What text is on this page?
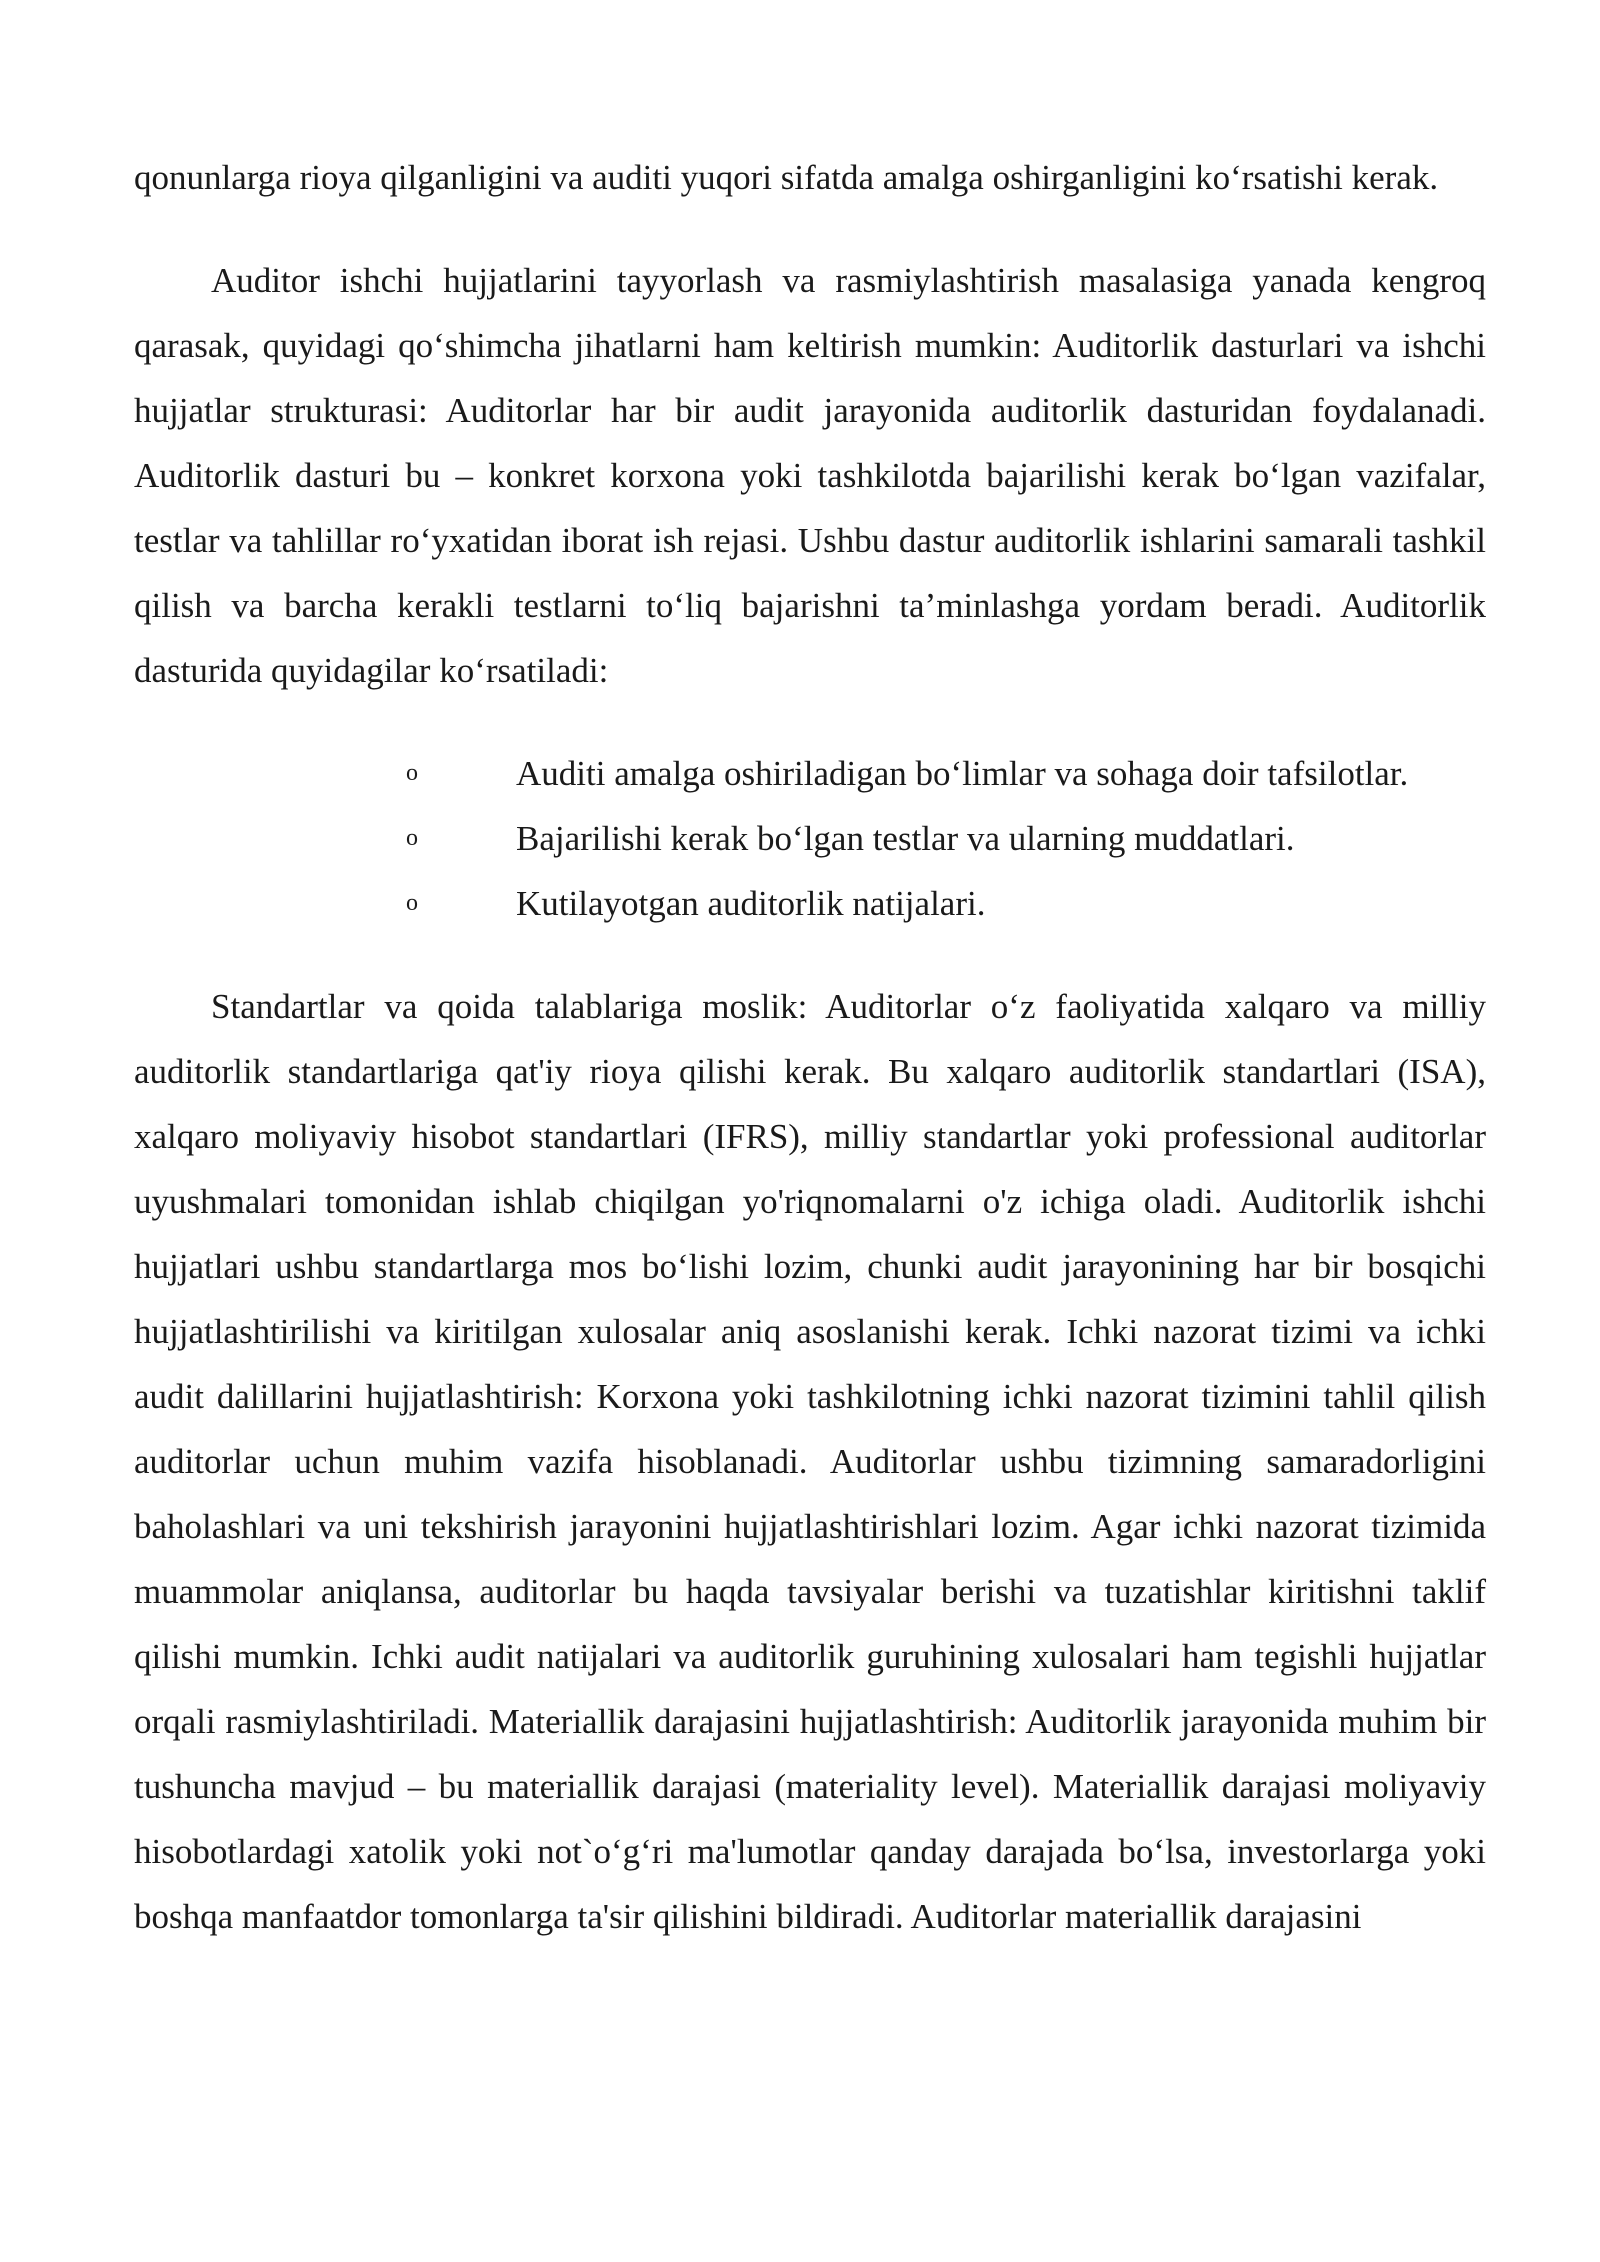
qonunlarga rioya qilganligini va auditi yuqori sifatda amalga oshirganligini ko‘rsatishi kerak.

Auditor ishchi hujjatlarini tayyorlash va rasmiylashtirish masalasiga yanada kengroq qarasak, quyidagi qo‘shimcha jihatlarni ham keltirish mumkin: Auditorlik dasturlari va ishchi hujjatlar strukturasi: Auditorlar har bir audit jarayonida auditorlik dasturidan foydalanadi. Auditorlik dasturi bu – konkret korxona yoki tashkilotda bajarilishi kerak bo‘lgan vazifalar, testlar va tahlillar ro‘yxatidan iborat ish rejasi. Ushbu dastur auditorlik ishlarini samarali tashkil qilish va barcha kerakli testlarni to‘liq bajarishni ta’minlashga yordam beradi. Auditorlik dasturida quyidagilar ko‘rsatiladi:

o	Auditi amalga oshiriladigan bo‘limlar va sohaga doir tafsilotlar.
o	Bajarilishi kerak bo‘lgan testlar va ularning muddatlari.
o	Kutilayotgan auditorlik natijalari.

Standartlar va qoida talablariga moslik: Auditorlar o‘z faoliyatida xalqaro va milliy auditorlik standartlariga qat'iy rioya qilishi kerak. Bu xalqaro auditorlik standartlari (ISA), xalqaro moliyaviy hisobot standartlari (IFRS), milliy standartlar yoki professional auditorlar uyushmalari tomonidan ishlab chiqilgan yo'riqnomalarni o'z ichiga oladi. Auditorlik ishchi hujjatlari ushbu standartlarga mos bo‘lishi lozim, chunki audit jarayonining har bir bosqichi hujjatlashtirilishi va kiritilgan xulosalar aniq asoslanishi kerak. Ichki nazorat tizimi va ichki audit dalillarini hujjatlashtirish: Korxona yoki tashkilotning ichki nazorat tizimini tahlil qilish auditorlar uchun muhim vazifa hisoblanadi. Auditorlar ushbu tizimning samaradorligini baholashlari va uni tekshirish jarayonini hujjatlashtirishlari lozim. Agar ichki nazorat tizimida muammolar aniqlansa, auditorlar bu haqda tavsiyalar berishi va tuzatishlar kiritishni taklif qilishi mumkin. Ichki audit natijalari va auditorlik guruhining xulosalari ham tegishli hujjatlar orqali rasmiylashtiriladi. Materiallik darajasini hujjatlashtirish: Auditorlik jarayonida muhim bir tushuncha mavjud – bu materiallik darajasi (materiality level). Materiallik darajasi moliyaviy hisobotlardagi xatolik yoki not`o‘g‘ri ma'lumotlar qanday darajada bo‘lsa, investorlarga yoki boshqa manfaatdor tomonlarga ta'sir qilishini bildiradi. Auditorlar materiallik darajasini
